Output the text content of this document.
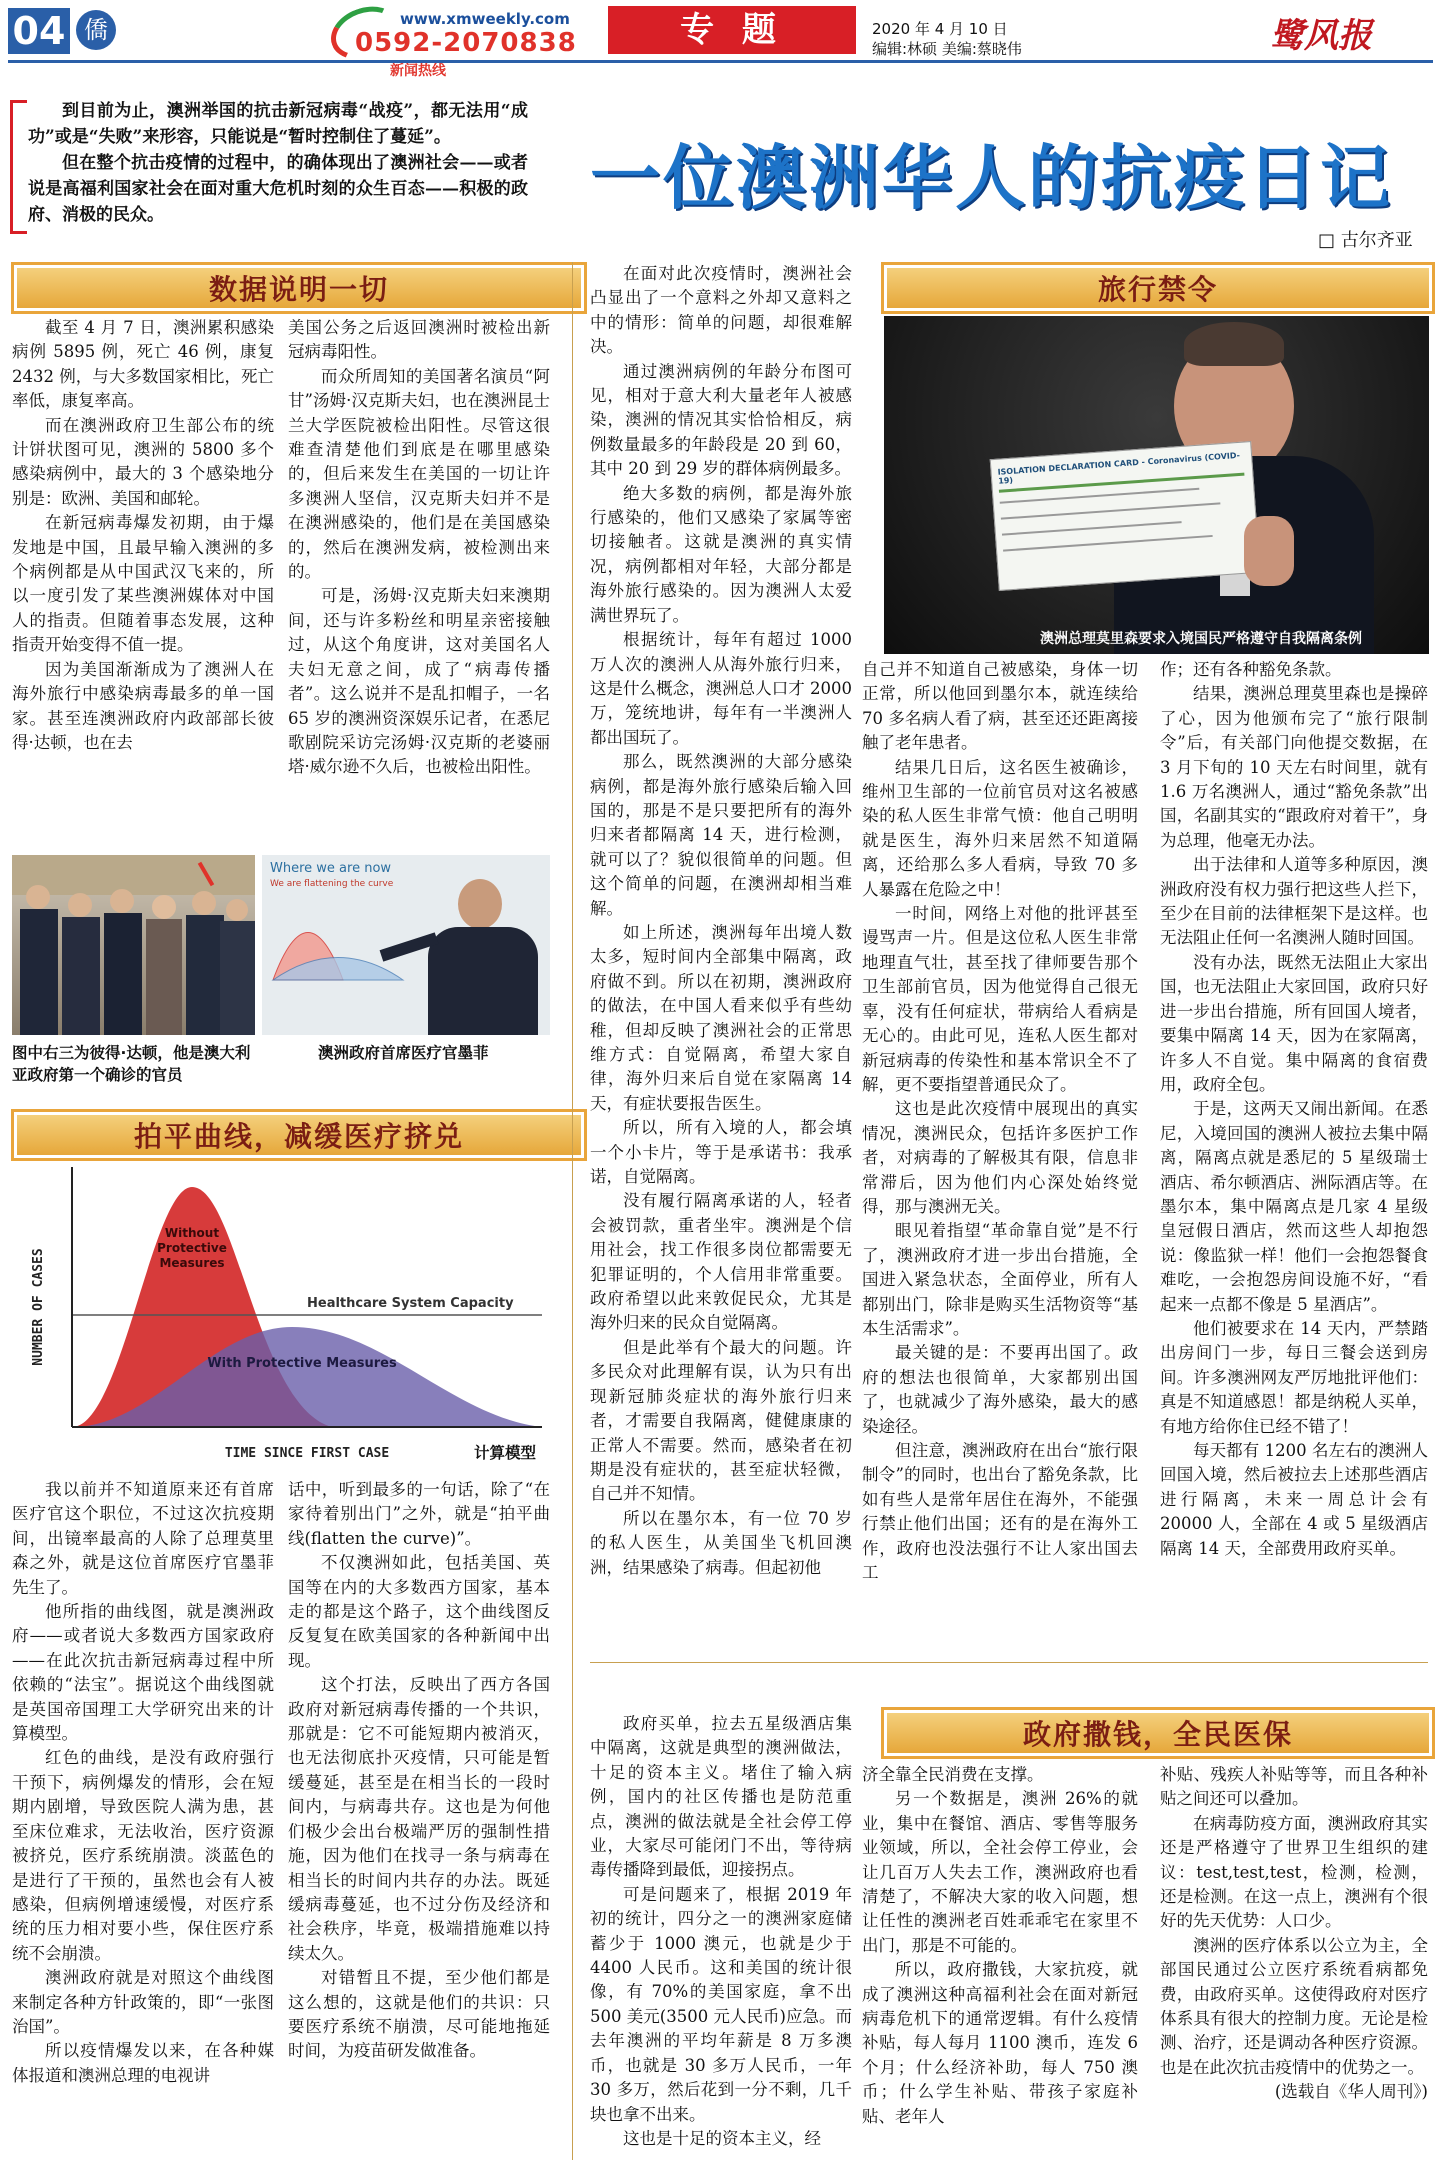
04 僑	www.xmweekly.com
0592-2070838
新闻热线
专 题	2020 年 4 月 10 日
编辑:林硕 美编:蔡晓伟	鹭风报

到目前为止，澳洲举国的抗击新冠病毒“战疫”，都无法用“成功”或是“失败”来形容，只能说是“暂时控制住了蔓延”。

但在整个抗击疫情的过程中，的确体现出了澳洲社会——或者说是高福利国家社会在面对重大危机时刻的众生百态——积极的政府、消极的民众。	一位澳洲华人的抗疫日记
□ 古尔齐亚
数据说明一切

截至 4 月 7 日，澳洲累积感染病例 5895 例，死亡 46 例，康复 2432 例，与大多数国家相比，死亡率低，康复率高。

而在澳洲政府卫生部公布的统计饼状图可见，澳洲的 5800 多个感染病例中，最大的 3 个感染地分别是：欧洲、美国和邮轮。

在新冠病毒爆发初期，由于爆发地是中国，且最早输入澳洲的多个病例都是从中国武汉飞来的，所以一度引发了某些澳洲媒体对中国人的指责。但随着事态发展，这种指责开始变得不值一提。

因为美国渐渐成为了澳洲人在海外旅行中感染病毒最多的单一国家。甚至连澳洲政府内政部部长彼得·达顿，也在去

美国公务之后返回澳洲时被检出新冠病毒阳性。

而众所周知的美国著名演员“阿甘”汤姆·汉克斯夫妇，也在澳洲昆士兰大学医院被检出阳性。尽管这很难查清楚他们到底是在哪里感染的，但后来发生在美国的一切让许多澳洲人坚信，汉克斯夫妇并不是在澳洲感染的，他们是在美国感染的，然后在澳洲发病，被检测出来的。

可是，汤姆·汉克斯夫妇来澳期间，还与许多粉丝和明星亲密接触过，从这个角度讲，这对美国名人夫妇无意之间，成了“病毒传播者”。这么说并不是乱扣帽子，一名 65 岁的澳洲资深娱乐记者，在悉尼歌剧院采访完汤姆·汉克斯的老婆丽塔·威尔逊不久后，也被检出阳性。

图中右三为彼得·达顿，他是澳大利亚政府第一个确诊的官员
Where we are now
We are flattening the curve
澳洲政府首席医疗官墨菲
拍平曲线，减缓医疗挤兑
Healthcare System Capacity
Without Protective Measures
With Protective Measures
TIME SINCE FIRST CASE
NUMBER OF CASES
计算模型

我以前并不知道原来还有首席医疗官这个职位，不过这次抗疫期间，出镜率最高的人除了总理莫里森之外，就是这位首席医疗官墨菲先生了。

他所指的曲线图，就是澳洲政府——或者说大多数西方国家政府——在此次抗击新冠病毒过程中所依赖的“法宝”。据说这个曲线图就是英国帝国理工大学研究出来的计算模型。

红色的曲线，是没有政府强行干预下，病例爆发的情形，会在短期内剧增，导致医院人满为患，甚至床位难求，无法收治，医疗资源被挤兑，医疗系统崩溃。淡蓝色的是进行了干预的，虽然也会有人被感染，但病例增速缓慢，对医疗系统的压力相对要小些，保住医疗系统不会崩溃。

澳洲政府就是对照这个曲线图来制定各种方针政策的，即“一张图治国”。

所以疫情爆发以来，在各种媒体报道和澳洲总理的电视讲

话中，听到最多的一句话，除了“在家待着别出门”之外，就是“拍平曲线(flatten the curve)”。

不仅澳洲如此，包括美国、英国等在内的大多数西方国家，基本走的都是这个路子，这个曲线图反反复复在欧美国家的各种新闻中出现。

这个打法，反映出了西方各国政府对新冠病毒传播的一个共识，那就是：它不可能短期内被消灭，也无法彻底扑灭疫情，只可能是暂缓蔓延，甚至是在相当长的一段时间内，与病毒共存。这也是为何他们极少会出台极端严厉的强制性措施，因为他们在找寻一条与病毒在相当长的时间内共存的办法。既延缓病毒蔓延，也不过分伤及经济和社会秩序，毕竟，极端措施难以持续太久。

对错暂且不提，至少他们都是这么想的，这就是他们的共识：只要医疗系统不崩溃，尽可能地拖延时间，为疫苗研发做准备。

在面对此次疫情时，澳洲社会凸显出了一个意料之外却又意料之中的情形：简单的问题，却很难解决。

通过澳洲病例的年龄分布图可见，相对于意大利大量老年人被感染，澳洲的情况其实恰恰相反，病例数量最多的年龄段是 20 到 60，其中 20 到 29 岁的群体病例最多。

绝大多数的病例，都是海外旅行感染的，他们又感染了家属等密切接触者。这就是澳洲的真实情况，病例都相对年轻，大部分都是海外旅行感染的。因为澳洲人太爱满世界玩了。

根据统计，每年有超过 1000 万人次的澳洲人从海外旅行归来，这是什么概念，澳洲总人口才 2000 万，笼统地讲，每年有一半澳洲人都出国玩了。

那么，既然澳洲的大部分感染病例，都是海外旅行感染后输入回国的，那是不是只要把所有的海外归来者都隔离 14 天，进行检测，就可以了？貌似很简单的问题。但这个简单的问题，在澳洲却相当难解。

如上所述，澳洲每年出境人数太多，短时间内全部集中隔离，政府做不到。所以在初期，澳洲政府的做法，在中国人看来似乎有些幼稚，但却反映了澳洲社会的正常思维方式：自觉隔离，希望大家自律，海外归来后自觉在家隔离 14 天，有症状要报告医生。

所以，所有入境的人，都会填一个小卡片，等于是承诺书：我承诺，自觉隔离。

没有履行隔离承诺的人，轻者会被罚款，重者坐牢。澳洲是个信用社会，找工作很多岗位都需要无犯罪证明的，个人信用非常重要。政府希望以此来敦促民众，尤其是海外归来的民众自觉隔离。

但是此举有个最大的问题。许多民众对此理解有误，认为只有出现新冠肺炎症状的海外旅行归来者，才需要自我隔离，健健康康的正常人不需要。然而，感染者在初期是没有症状的，甚至症状轻微，自己并不知情。

所以在墨尔本，有一位 70 岁的私人医生，从美国坐飞机回澳洲，结果感染了病毒。但起初他

旅行禁令
ISOLATION DECLARATION CARD - Coronavirus (COVID-19)
澳洲总理莫里森要求入境国民严格遵守自我隔离条例

自己并不知道自己被感染，身体一切正常，所以他回到墨尔本，就连续给 70 多名病人看了病，甚至还还距离接触了老年患者。

结果几日后，这名医生被确诊，维州卫生部的一位前官员对这名被感染的私人医生非常气愤：他自己明明就是医生，海外归来居然不知道隔离，还给那么多人看病，导致 70 多人暴露在危险之中！

一时间，网络上对他的批评甚至谩骂声一片。但是这位私人医生非常地理直气壮，甚至找了律师要告那个卫生部前官员，因为他觉得自己很无辜，没有任何症状，带病给人看病是无心的。由此可见，连私人医生都对新冠病毒的传染性和基本常识全不了解，更不要指望普通民众了。

这也是此次疫情中展现出的真实情况，澳洲民众，包括许多医护工作者，对病毒的了解极其有限，信息非常滞后，因为他们内心深处始终觉得，那与澳洲无关。

眼见着指望“革命靠自觉”是不行了，澳洲政府才进一步出台措施，全国进入紧急状态，全面停业，所有人都别出门，除非是购买生活物资等“基本生活需求”。

最关键的是：不要再出国了。政府的想法也很简单，大家都别出国了，也就减少了海外感染，最大的感染途径。

但注意，澳洲政府在出台“旅行限制令”的同时，也出台了豁免条款，比如有些人是常年居住在海外，不能强行禁止他们出国；还有的是在海外工作，政府也没法强行不让人家出国去工

作；还有各种豁免条款。

结果，澳洲总理莫里森也是操碎了心，因为他颁布完了“旅行限制令”后，有关部门向他提交数据，在 3 月下旬的 10 天左右时间里，就有 1.6 万名澳洲人，通过“豁免条款”出国，名副其实的“跟政府对着干”，身为总理，他毫无办法。

出于法律和人道等多种原因，澳洲政府没有权力强行把这些人拦下，至少在目前的法律框架下是这样。也无法阻止任何一名澳洲人随时回国。

没有办法，既然无法阻止大家出国，也无法阻止大家回国，政府只好进一步出台措施，所有回国人境者，要集中隔离 14 天，因为在家隔离，许多人不自觉。集中隔离的食宿费用，政府全包。

于是，这两天又闹出新闻。在悉尼，入境回国的澳洲人被拉去集中隔离，隔离点就是悉尼的 5 星级瑞士酒店、希尔顿酒店、洲际酒店等。在墨尔本，集中隔离点是几家 4 星级皇冠假日酒店，然而这些人却抱怨说：像监狱一样！他们一会抱怨餐食难吃，一会抱怨房间设施不好，“看起来一点都不像是 5 星酒店”。

他们被要求在 14 天内，严禁踏出房间门一步，每日三餐会送到房间。许多澳洲网友严厉地批评他们：真是不知道感恩！都是纳税人买单，有地方给你住已经不错了！

每天都有 1200 名左右的澳洲人回国入境，然后被拉去上述那些酒店进行隔离，未来一周总计会有 20000 人，全部在 4 或 5 星级酒店隔离 14 天，全部费用政府买单。

政府买单，拉去五星级酒店集中隔离，这就是典型的澳洲做法，十足的资本主义。堵住了输入病例，国内的社区传播也是防范重点，澳洲的做法就是全社会停工停业，大家尽可能闭门不出，等待病毒传播降到最低，迎接拐点。

可是问题来了，根据 2019 年初的统计，四分之一的澳洲家庭储蓄少于 1000 澳元，也就是少于 4400 人民币。这和美国的统计很像，有 70%的美国家庭，拿不出 500 美元(3500 元人民币)应急。而去年澳洲的平均年薪是 8 万多澳币，也就是 30 多万人民币，一年 30 多万，然后花到一分不剩，几千块也拿不出来。

这也是十足的资本主义，经

政府撒钱，全民医保

济全靠全民消费在支撑。

另一个数据是，澳洲 26%的就业，集中在餐馆、酒店、零售等服务业领域，所以，全社会停工停业，会让几百万人失去工作，澳洲政府也看清楚了，不解决大家的收入问题，想让任性的澳洲老百姓乖乖宅在家里不出门，那是不可能的。

所以，政府撒钱，大家抗疫，就成了澳洲这种高福利社会在面对新冠病毒危机下的通常逻辑。有什么疫情补贴，每人每月 1100 澳币，连发 6 个月；什么经济补助，每人 750 澳币；什么学生补贴、带孩子家庭补贴、老年人

补贴、残疾人补贴等等，而且各种补贴之间还可以叠加。

在病毒防疫方面，澳洲政府其实还是严格遵守了世界卫生组织的建议：test,test,test，检测，检测，还是检测。在这一点上，澳洲有个很好的先天优势：人口少。

澳洲的医疗体系以公立为主，全部国民通过公立医疗系统看病都免费，由政府买单。这使得政府对医疗体系具有很大的控制力度。无论是检测、治疗，还是调动各种医疗资源。也是在此次抗击疫情中的优势之一。

(选载自《华人周刊》)
